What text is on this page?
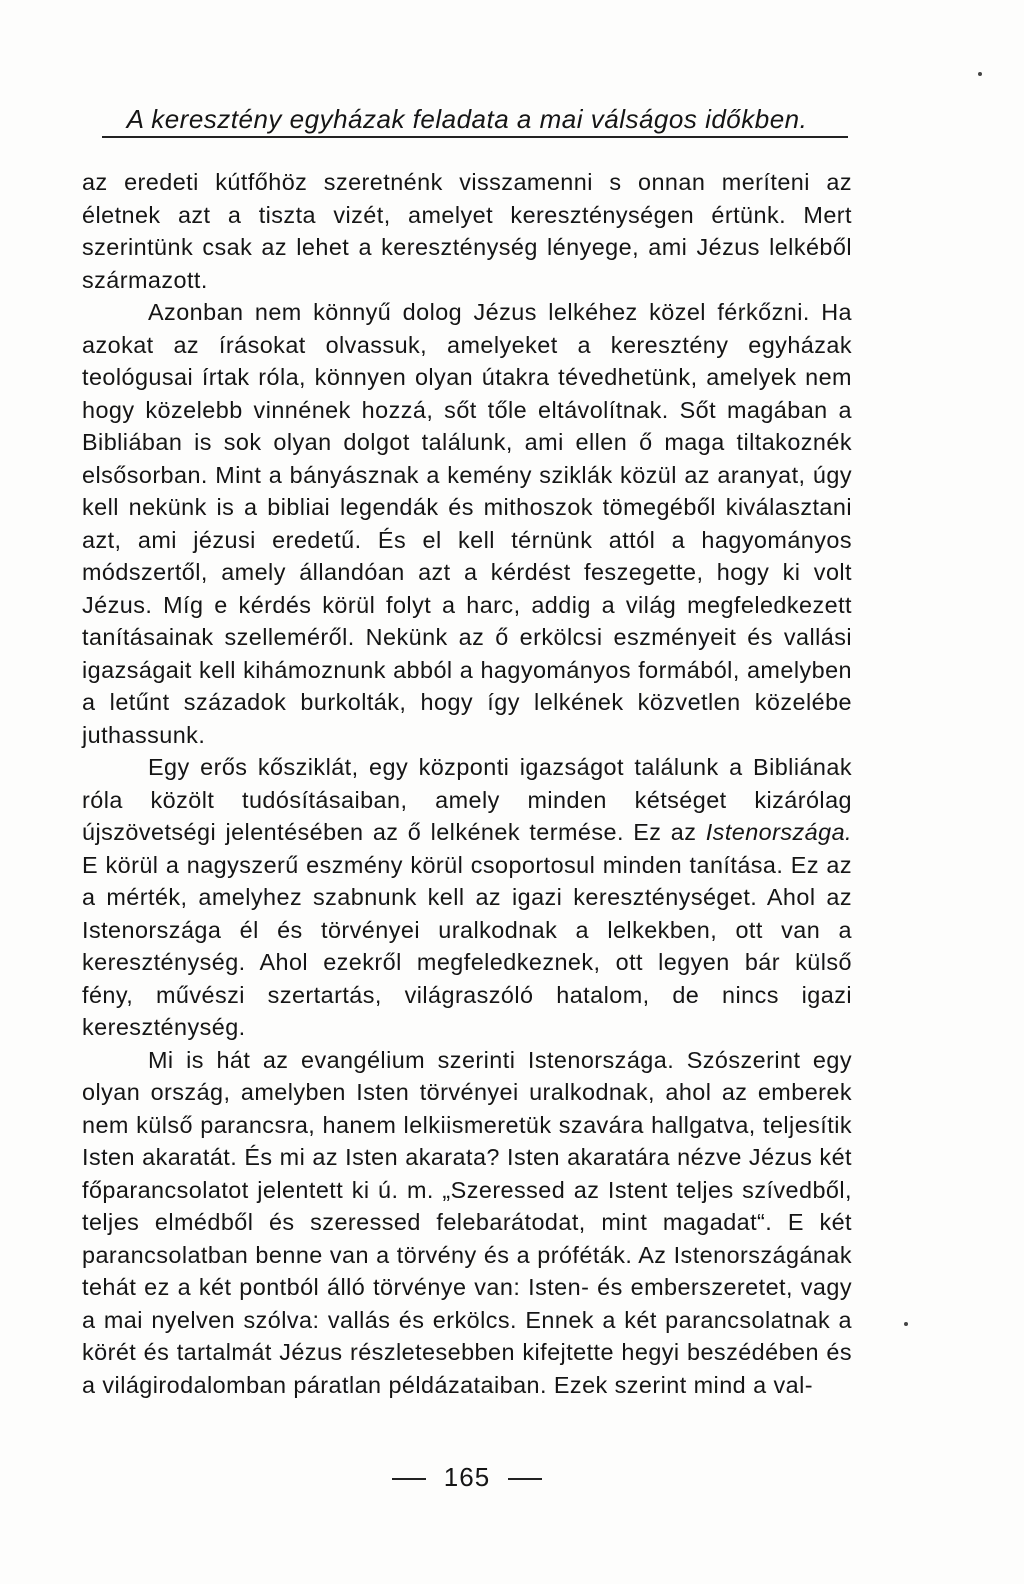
A keresztény egyházak feladata a mai válságos időkben.

az eredeti kútfőhöz szeretnénk visszamenni s onnan meríteni az életnek azt a tiszta vizét, amelyet kereszténységen értünk. Mert szerintünk csak az lehet a kereszténység lényege, ami Jézus lelkéből származott.

Azonban nem könnyű dolog Jézus lelkéhez közel férkőzni. Ha azokat az írásokat olvassuk, amelyeket a keresztény egyházak teológusai írtak róla, könnyen olyan útakra tévedhetünk, amelyek nem hogy közelebb vinnének hozzá, sőt tőle eltávolítnak. Sőt magában a Bibliában is sok olyan dolgot találunk, ami ellen ő maga tiltakoznék elsősorban. Mint a bányásznak a kemény sziklák közül az aranyat, úgy kell nekünk is a bibliai legendák és mithoszok tömegéből kiválasztani azt, ami jézusi eredetű. És el kell térnünk attól a hagyományos módszertől, amely állandóan azt a kérdést feszegette, hogy ki volt Jézus. Míg e kérdés körül folyt a harc, addig a világ megfeledkezett tanításainak szelleméről. Nekünk az ő erkölcsi eszményeit és vallási igazságait kell kihámoznunk abból a hagyományos formából, amelyben a letűnt századok burkolták, hogy így lelkének közvetlen közelébe juthassunk.

Egy erős kősziklát, egy központi igazságot találunk a Bibliának róla közölt tudósításaiban, amely minden kétséget kizárólag újszövetségi jelentésében az ő lelkének termése. Ez az Istenországa. E körül a nagyszerű eszmény körül csoportosul minden tanítása. Ez az a mérték, amelyhez szabnunk kell az igazi kereszténységet. Ahol az Istenországa él és törvényei uralkodnak a lelkekben, ott van a kereszténység. Ahol ezekről megfeledkeznek, ott legyen bár külső fény, művészi szertartás, világraszóló hatalom, de nincs igazi kereszténység.

Mi is hát az evangélium szerinti Istenországa. Szószerint egy olyan ország, amelyben Isten törvényei uralkodnak, ahol az emberek nem külső parancsra, hanem lelkiismeretük szavára hallgatva, teljesítik Isten akaratát. És mi az Isten akarata? Isten akaratára nézve Jézus két főparancsolatot jelentett ki ú. m. „Szeressed az Istent teljes szívedből, teljes elmédből és szeressed felebarátodat, mint magadat“. E két parancsolatban benne van a törvény és a próféták. Az Istenországának tehát ez a két pontból álló törvénye van: Isten- és emberszeretet, vagy a mai nyelven szólva: vallás és erkölcs. Ennek a két parancsolatnak a körét és tartalmát Jézus részletesebben kifejtette hegyi beszédében és a világirodalomban páratlan példázataiban. Ezek szerint mind a val-

165
